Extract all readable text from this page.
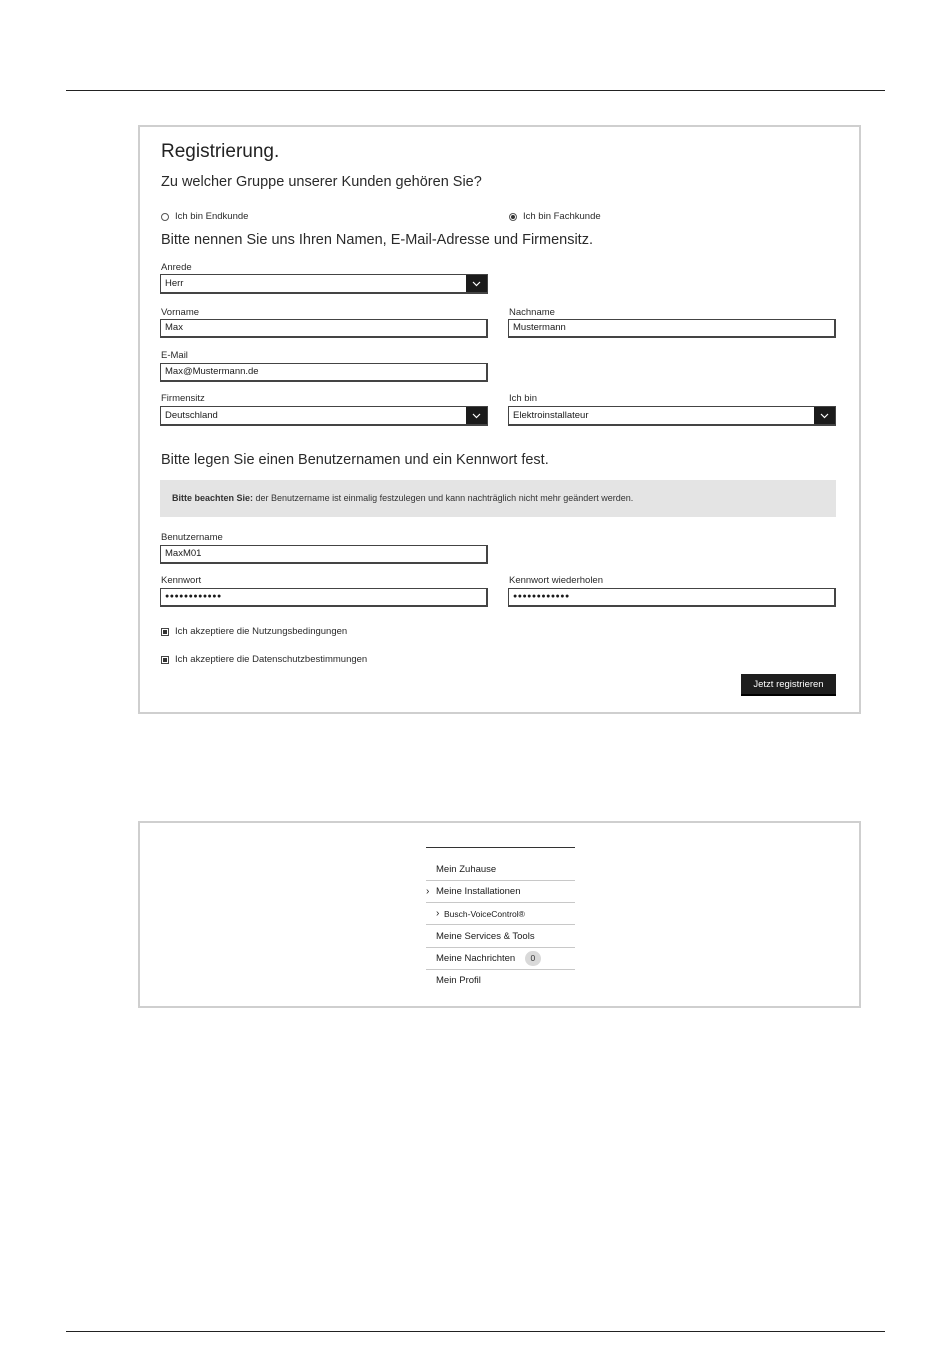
Registrierung.
Zu welcher Gruppe unserer Kunden gehören Sie?
Ich bin Endkunde	Ich bin Fachkunde
Bitte nennen Sie uns Ihren Namen, E-Mail-Adresse und Firmensitz.
Anrede
Herr
Vorname
Max
Nachname
Mustermann
E-Mail
Max@Mustermann.de
Firmensitz
Deutschland
Ich bin
Elektroinstallateur
Bitte legen Sie einen Benutzernamen und ein Kennwort fest.
Bitte beachten Sie: der Benutzername ist einmalig festzulegen und kann nachträglich nicht mehr geändert werden.
Benutzername
MaxM01
Kennwort
●●●●●●●●●●●●
Kennwort wiederholen
●●●●●●●●●●●●
Ich akzeptiere die Nutzungsbedingungen
Ich akzeptiere die Datenschutzbestimmungen
Jetzt registrieren
Mein Zuhause
› Meine Installationen
› Busch-VoiceControl®
Meine Services & Tools
Meine Nachrichten 0
Mein Profil
